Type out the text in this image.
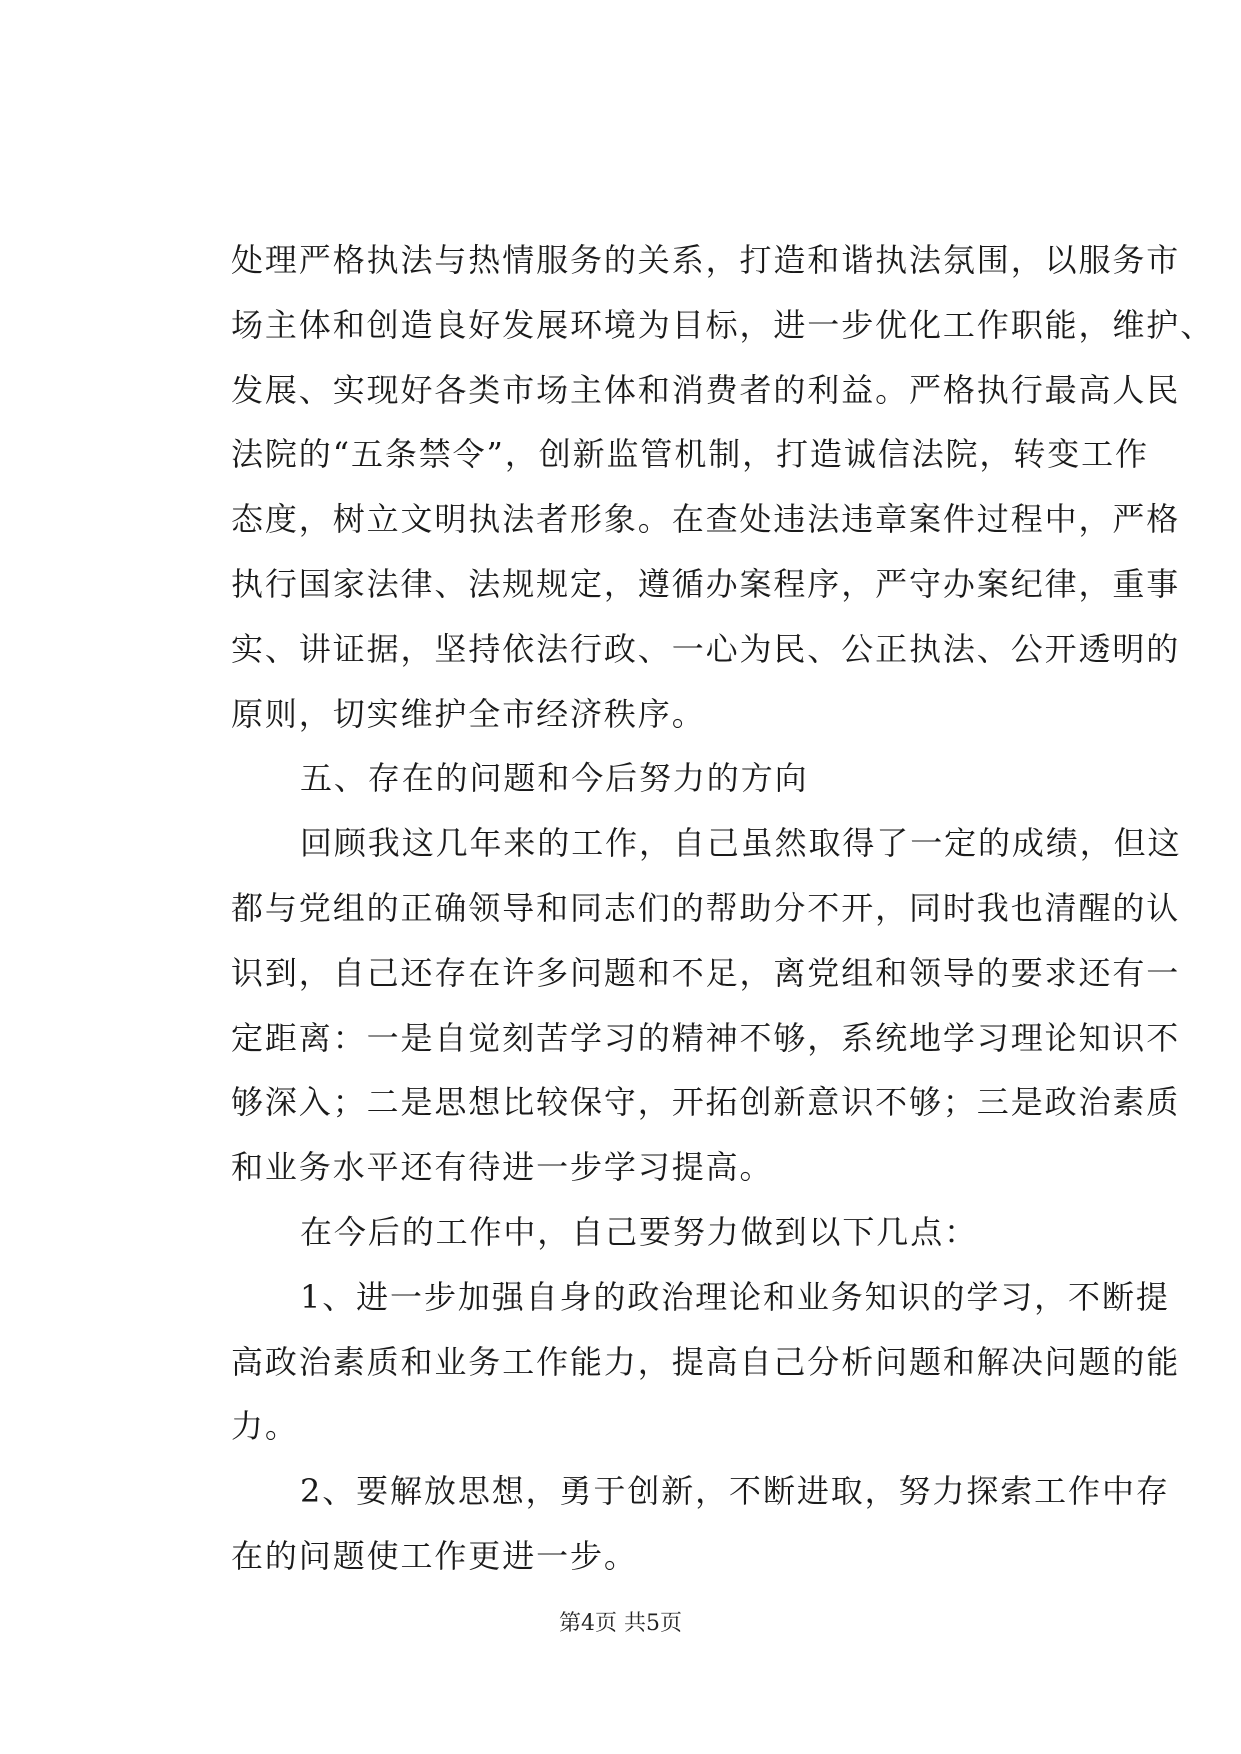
处理严格执法与热情服务的关系，打造和谐执法氛围，以服务市
场主体和创造良好发展环境为目标，进一步优化工作职能，维护、
发展、实现好各类市场主体和消费者的利益。严格执行最高人民
法院的“五条禁令”，创新监管机制，打造诚信法院，转变工作
态度，树立文明执法者形象。在查处违法违章案件过程中，严格
执行国家法律、法规规定，遵循办案程序，严守办案纪律，重事
实、讲证据，坚持依法行政、一心为民、公正执法、公开透明的
原则，切实维护全市经济秩序。
五、存在的问题和今后努力的方向
回顾我这几年来的工作，自己虽然取得了一定的成绩，但这
都与党组的正确领导和同志们的帮助分不开，同时我也清醒的认
识到，自己还存在许多问题和不足，离党组和领导的要求还有一
定距离：一是自觉刻苦学习的精神不够，系统地学习理论知识不
够深入；二是思想比较保守，开拓创新意识不够；三是政治素质
和业务水平还有待进一步学习提高。
在今后的工作中，自己要努力做到以下几点：
1、进一步加强自身的政治理论和业务知识的学习，不断提
高政治素质和业务工作能力，提高自己分析问题和解决问题的能
力。
2、要解放思想，勇于创新，不断进取，努力探索工作中存
在的问题使工作更进一步。
第4页 共5页
